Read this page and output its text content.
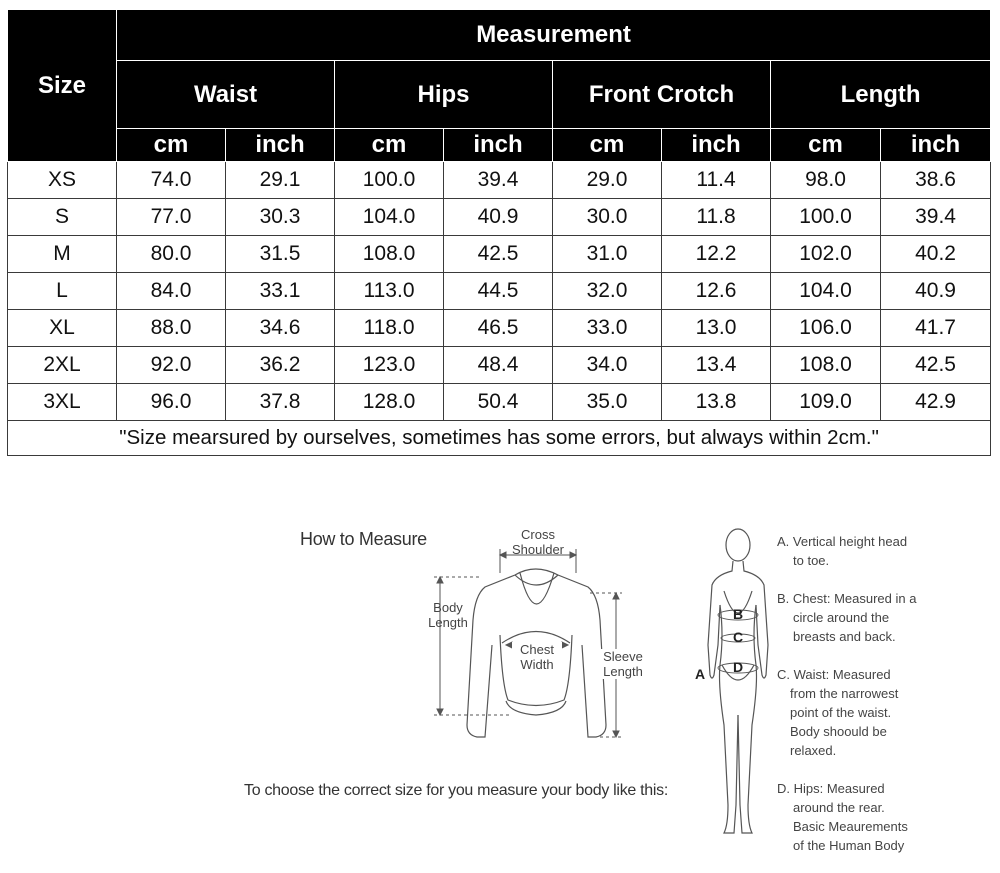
Size	Measurement							
	Waist		Hips		Front Crotch		Length	
	cm	inch	cm	inch	cm	inch	cm	inch
XS	74.0	29.1	100.0	39.4	29.0	11.4	98.0	38.6
S	77.0	30.3	104.0	40.9	30.0	11.8	100.0	39.4
M	80.0	31.5	108.0	42.5	31.0	12.2	102.0	40.2
L	84.0	33.1	113.0	44.5	32.0	12.6	104.0	40.9
XL	88.0	34.6	118.0	46.5	33.0	13.0	106.0	41.7
2XL	92.0	36.2	123.0	48.4	34.0	13.4	108.0	42.5
3XL	96.0	37.8	128.0	50.4	35.0	13.8	109.0	42.9
"Size mearsured by ourselves, sometimes has some errors, but always within 2cm."								
How to Measure
To choose the correct size for you measure your body like this:
Cross
Shoulder
Body
Length
Chest
Width
Sleeve
Length	A
B
C
D
A. Vertical height head
to toe.
B. Chest: Measured in a
circle around the
breasts and back.
C. Waist: Measured
from the narrowest
point of the waist.
Body shoould be
relaxed.
D. Hips: Measured
around the rear.
Basic Meaurements
of the Human Body
